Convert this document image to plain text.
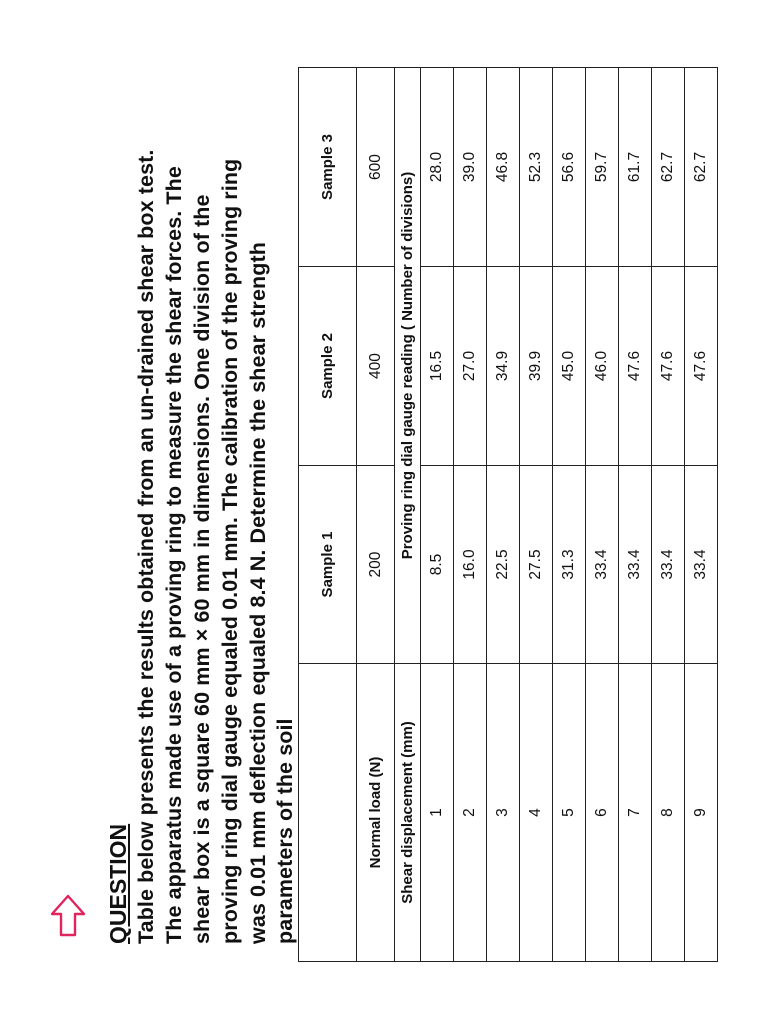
QUESTION Table below presents the results obtained from an un-drained shear box test. The apparatus made use of a proving ring to measure the shear forces. The shear box is a square 60 mm × 60 mm in dimensions. One division of the proving ring dial gauge equaled 0.01 mm. The calibration of the proving ring was 0.01 mm deflection equaled 8.4 N. Determine the shear strength parameters of the soil
	Sample 1	Sample 2	Sample 3
Normal load (N)	200	400	600
Shear displacement (mm)	Proving ring dial gauge reading ( Number of divisions)		
1	8.5	16.5	28.0
2	16.0	27.0	39.0
3	22.5	34.9	46.8
4	27.5	39.9	52.3
5	31.3	45.0	56.6
6	33.4	46.0	59.7
7	33.4	47.6	61.7
8	33.4	47.6	62.7
9	33.4	47.6	62.7
